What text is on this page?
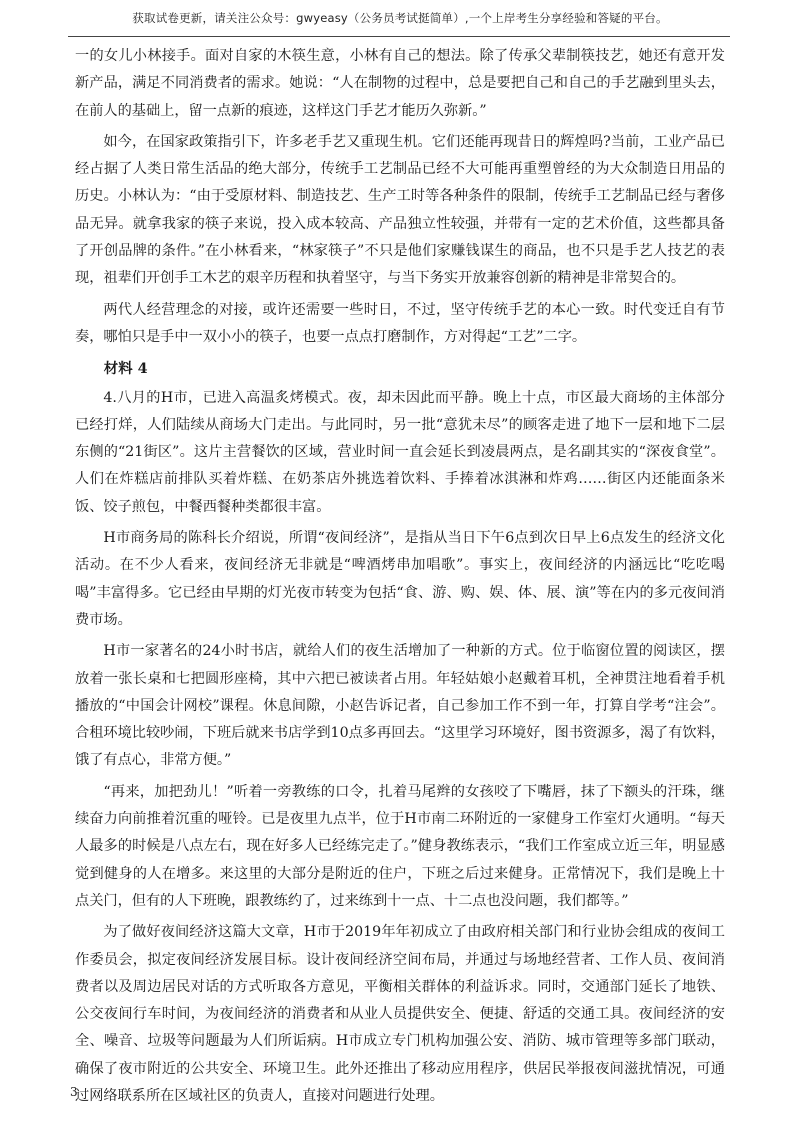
获取试卷更新，请关注公众号：gwyeasy（公务员考试挺简单）,一个上岸考生分享经验和答疑的平台。

一的女儿小林接手。面对自家的木筷生意，小林有自己的想法。除了传承父辈制筷技艺，她还有意开发新产品，满足不同消费者的需求。她说：“人在制物的过程中，总是要把自己和自己的手艺融到里头去，在前人的基础上，留一点新的痕迹，这样这门手艺才能历久弥新。”

如今，在国家政策指引下，许多老手艺又重现生机。它们还能再现昔日的辉煌吗?当前，工业产品已经占据了人类日常生活品的绝大部分，传统手工艺制品已经不大可能再重塑曾经的为大众制造日用品的历史。小林认为：“由于受原材料、制造技艺、生产工时等各种条件的限制，传统手工艺制品已经与奢侈品无异。就拿我家的筷子来说，投入成本较高、产品独立性较强，并带有一定的艺术价值，这些都具备了开创品牌的条件。”在小林看来，“林家筷子”不只是他们家赚钱谋生的商品，也不只是手艺人技艺的表现，祖辈们开创手工木艺的艰辛历程和执着坚守，与当下务实开放兼容创新的精神是非常契合的。

两代人经营理念的对接，或许还需要一些时日，不过，坚守传统手艺的本心一致。时代变迁自有节奏，哪怕只是手中一双小小的筷子，也要一点点打磨制作，方对得起“工艺”二字。

材料 4

4.八月的H市，已进入高温炙烤模式。夜，却未因此而平静。晚上十点，市区最大商场的主体部分已经打烊，人们陆续从商场大门走出。与此同时，另一批“意犹未尽”的顾客走进了地下一层和地下二层东侧的“21街区”。这片主营餐饮的区域，营业时间一直会延长到凌晨两点，是名副其实的“深夜食堂”。人们在炸糕店前排队买着炸糕、在奶茶店外挑选着饮料、手捧着冰淇淋和炸鸡……街区内还能面条米饭、饺子煎包，中餐西餐种类都很丰富。

H市商务局的陈科长介绍说，所谓“夜间经济”，是指从当日下午6点到次日早上6点发生的经济文化活动。在不少人看来，夜间经济无非就是“啤酒烤串加唱歌”。事实上，夜间经济的内涵远比“吃吃喝喝”丰富得多。它已经由早期的灯光夜市转变为包括“食、游、购、娱、体、展、演”等在内的多元夜间消费市场。

H市一家著名的24小时书店，就给人们的夜生活增加了一种新的方式。位于临窗位置的阅读区，摆放着一张长桌和七把圆形座椅，其中六把已被读者占用。年轻姑娘小赵戴着耳机，全神贯注地看着手机播放的“中国会计网校”课程。休息间隙，小赵告诉记者，自己参加工作不到一年，打算自学考“注会”。合租环境比较吵闹，下班后就来书店学到10点多再回去。“这里学习环境好，图书资源多，渴了有饮料，饿了有点心，非常方便。”

“再来，加把劲儿！”听着一旁教练的口令，扎着马尾辫的女孩咬了下嘴唇，抹了下额头的汗珠，继续奋力向前推着沉重的哑铃。已是夜里九点半，位于H市南二环附近的一家健身工作室灯火通明。“每天人最多的时候是八点左右，现在好多人已经练完走了。”健身教练表示，“我们工作室成立近三年，明显感觉到健身的人在增多。来这里的大部分是附近的住户，下班之后过来健身。正常情况下，我们是晚上十点关门，但有的人下班晚，跟教练约了，过来练到十一点、十二点也没问题，我们都等。”

为了做好夜间经济这篇大文章，H市于2019年年初成立了由政府相关部门和行业协会组成的夜间工作委员会，拟定夜间经济发展目标。设计夜间经济空间布局，并通过与场地经营者、工作人员、夜间消费者以及周边居民对话的方式听取各方意见，平衡相关群体的利益诉求。同时，交通部门延长了地铁、公交夜间行车时间，为夜间经济的消费者和从业人员提供安全、便捷、舒适的交通工具。夜间经济的安全、噪音、垃圾等问题最为人们所诟病。H市成立专门机构加强公安、消防、城市管理等多部门联动，确保了夜市附近的公共安全、环境卫生。此外还推出了移动应用程序，供居民举报夜间滋扰情况，可通过网络联系所在区域社区的负责人，直接对问题进行处理。

3
